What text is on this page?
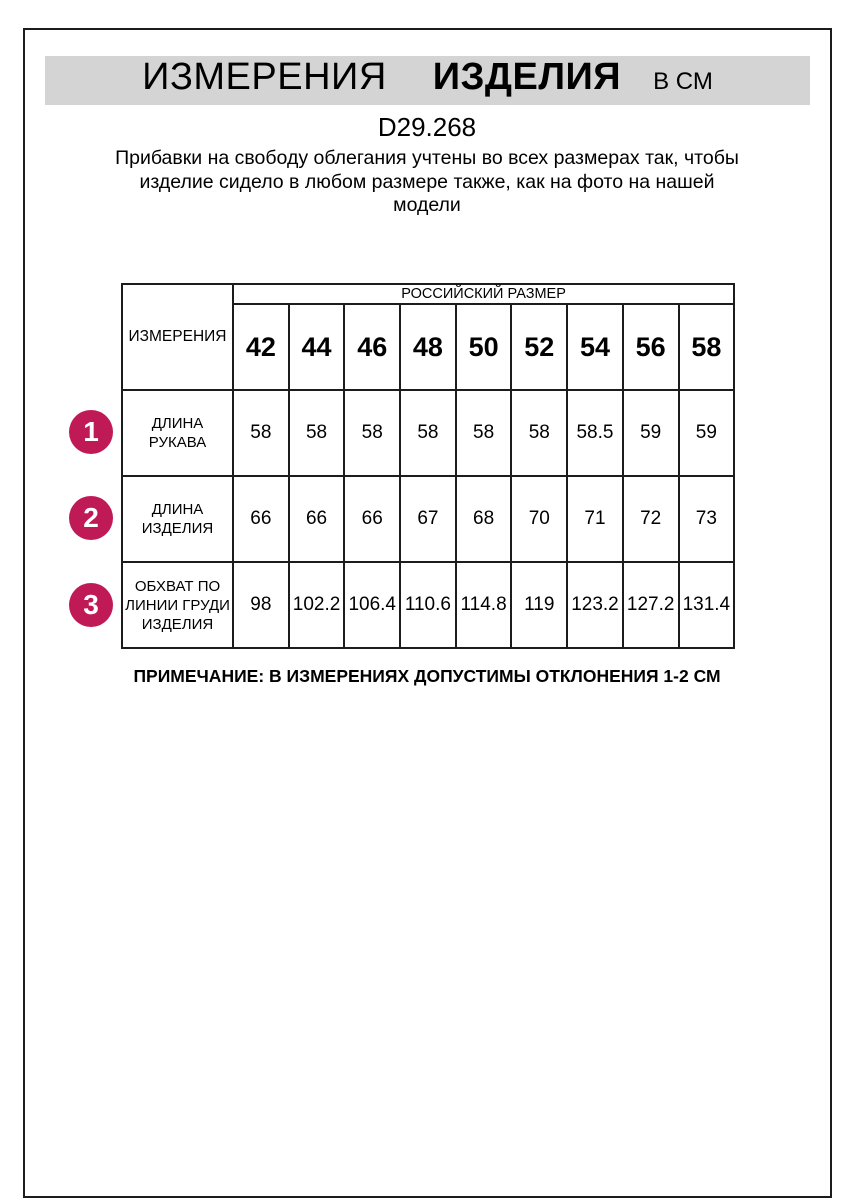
ИЗМЕРЕНИЯ ИЗДЕЛИЯ В СМ
D29.268
Прибавки на свободу облегания учтены во всех размерах так, чтобы
изделие сидело в любом размере также, как на фото на нашей
модели
ИЗМЕРЕНИЯ	РОССИЙСКИЙ РАЗМЕР								
	42	44	46	48	50	52	54	56	58
ДЛИНА РУКАВА	58	58	58	58	58	58	58.5	59	59
ДЛИНА ИЗДЕЛИЯ	66	66	66	67	68	70	71	72	73
ОБХВАТ ПО ЛИНИИ ГРУДИ ИЗДЕЛИЯ	98	102.2	106.4	110.6	114.8	119	123.2	127.2	131.4
1
2
3
ПРИМЕЧАНИЕ: В ИЗМЕРЕНИЯХ ДОПУСТИМЫ ОТКЛОНЕНИЯ 1-2 СМ
